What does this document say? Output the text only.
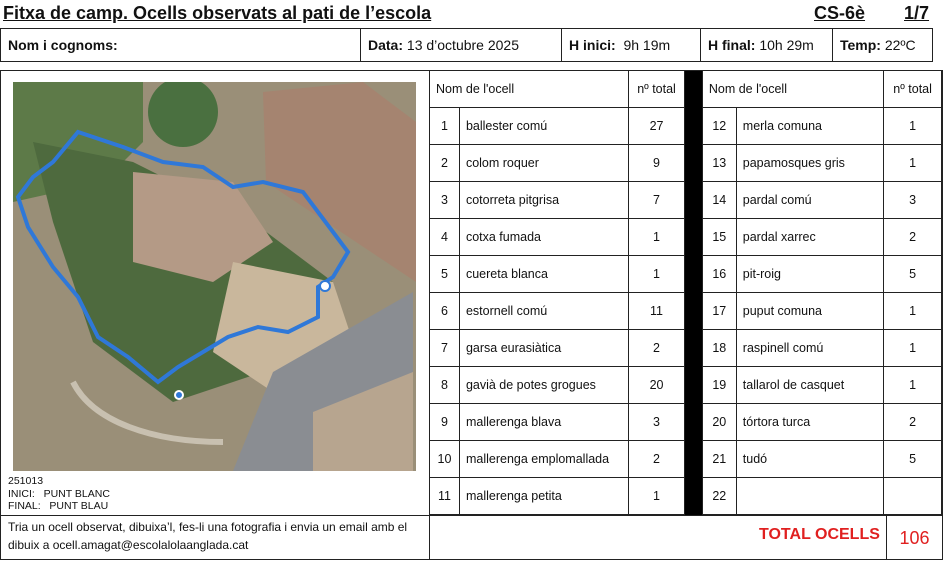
Fitxa de camp. Ocells observats al pati de l’escola	CS-6è 1/7
Nom i cognoms:	Data: 13 d’octubre 2025	H inici: 9h 19m	H final: 10h 29m	Temp: 22ºC
251013
INICI:   PUNT BLANC
FINAL:   PUNT BLAU
Tria un ocell observat, dibuixa’l, fes-li una fotografia i envia un email amb el dibuix a ocell.amagat@escolalolaanglada.cat
Nom de l'ocell		nº total		Nom de l'ocell		nº total
1	ballester comú	27		12	merla comuna	1
2	colom roquer	9		13	papamosques gris	1
3	cotorreta pitgrisa	7		14	pardal comú	3
4	cotxa fumada	1		15	pardal xarrec	2
5	cuereta blanca	1		16	pit-roig	5
6	estornell comú	11		17	puput comuna	1
7	garsa eurasiàtica	2		18	raspinell comú	1
8	gavià de potes grogues	20		19	tallarol de casquet	1
9	mallerenga blava	3		20	tórtora turca	2
10	mallerenga emplomallada	2		21	tudó	5
11	mallerenga petita	1		22		
TOTAL OCELLS	106
